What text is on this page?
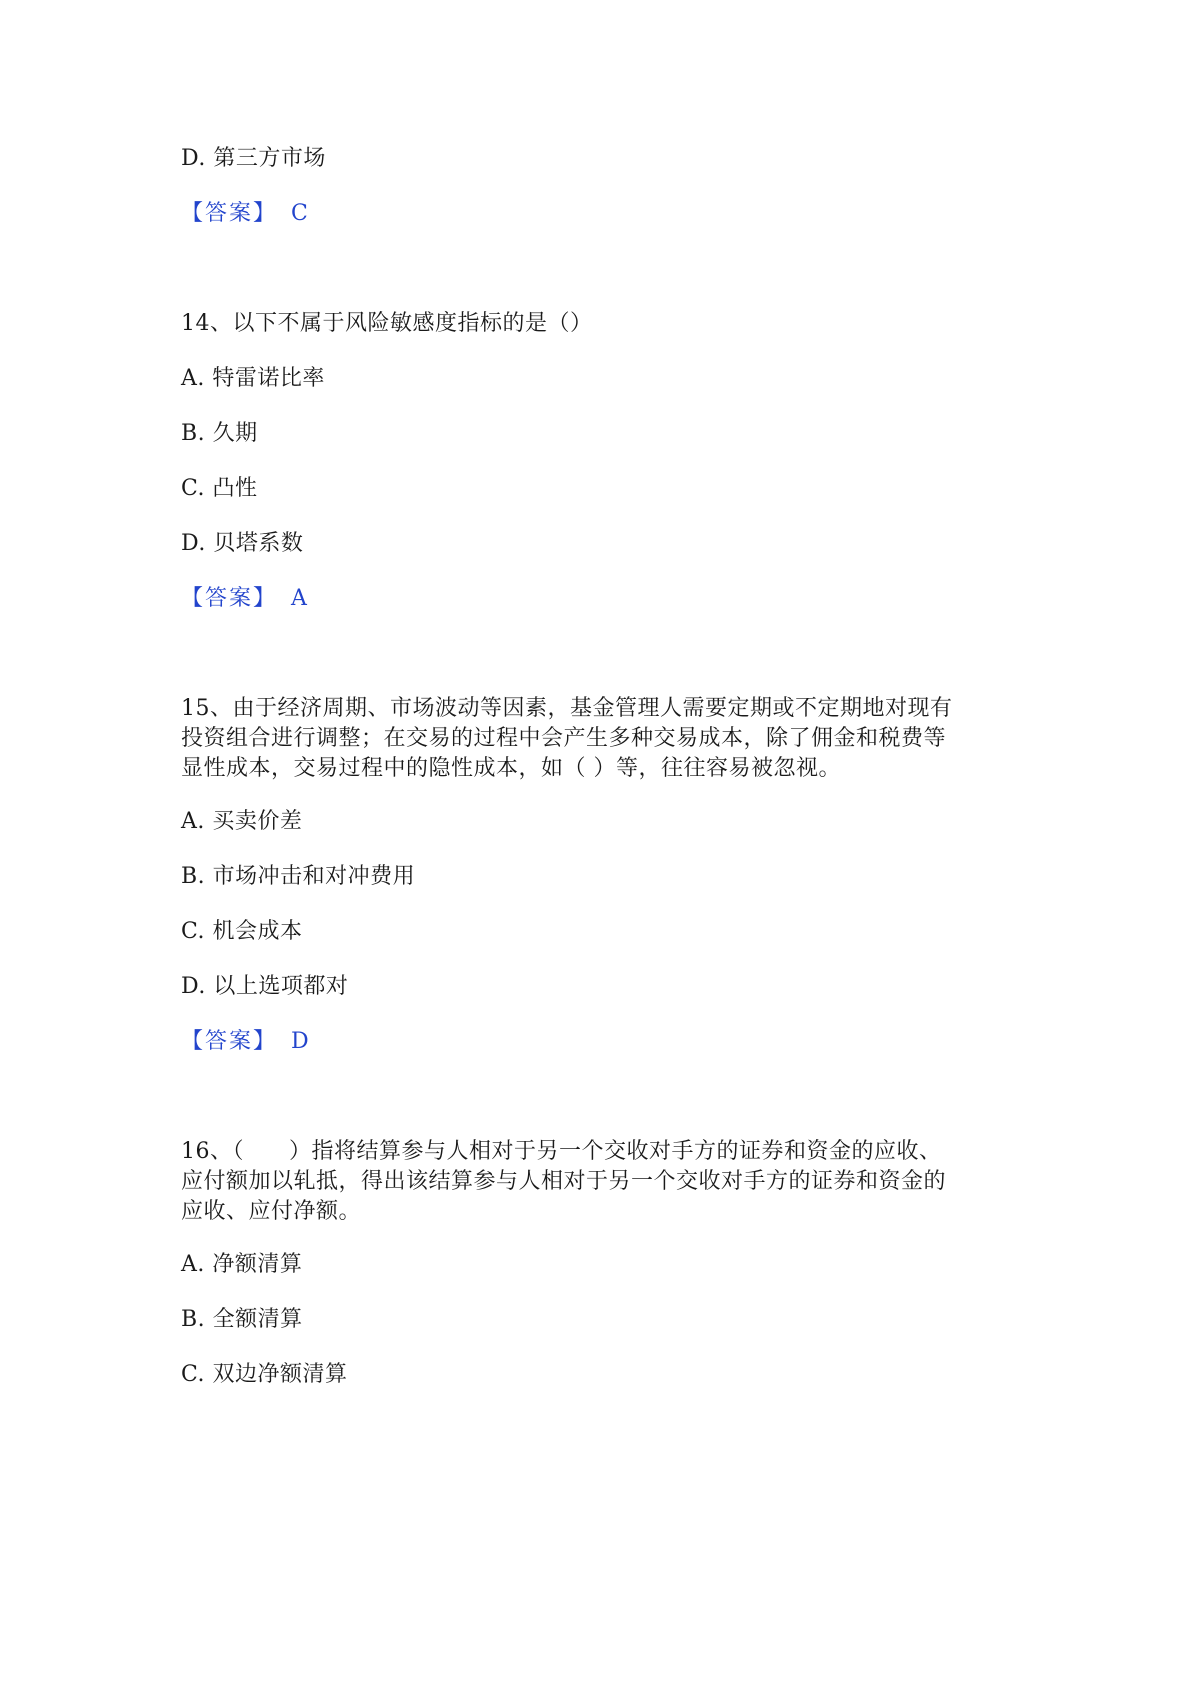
D. 第三方市场
【答案】 C
14、以下不属于风险敏感度指标的是（）
A. 特雷诺比率
B. 久期
C. 凸性
D. 贝塔系数
【答案】 A
15、由于经济周期、市场波动等因素，基金管理人需要定期或不定期地对现有
投资组合进行调整；在交易的过程中会产生多种交易成本，除了佣金和税费等
显性成本，交易过程中的隐性成本，如（ ）等，往往容易被忽视。
A. 买卖价差
B. 市场冲击和对冲费用
C. 机会成本
D. 以上选项都对
【答案】 D
16、（　　）指将结算参与人相对于另一个交收对手方的证券和资金的应收、
应付额加以轧抵，得出该结算参与人相对于另一个交收对手方的证券和资金的
应收、应付净额。
A. 净额清算
B. 全额清算
C. 双边净额清算
